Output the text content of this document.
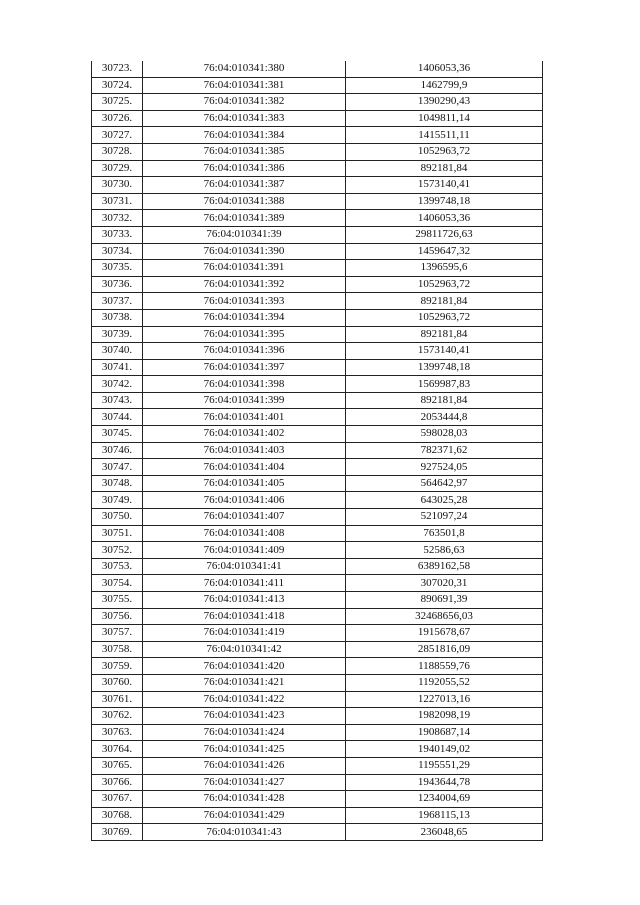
30723.	76:04:010341:380	1406053,36
30724.	76:04:010341:381	1462799,9
30725.	76:04:010341:382	1390290,43
30726.	76:04:010341:383	1049811,14
30727.	76:04:010341:384	1415511,11
30728.	76:04:010341:385	1052963,72
30729.	76:04:010341:386	892181,84
30730.	76:04:010341:387	1573140,41
30731.	76:04:010341:388	1399748,18
30732.	76:04:010341:389	1406053,36
30733.	76:04:010341:39	29811726,63
30734.	76:04:010341:390	1459647,32
30735.	76:04:010341:391	1396595,6
30736.	76:04:010341:392	1052963,72
30737.	76:04:010341:393	892181,84
30738.	76:04:010341:394	1052963,72
30739.	76:04:010341:395	892181,84
30740.	76:04:010341:396	1573140,41
30741.	76:04:010341:397	1399748,18
30742.	76:04:010341:398	1569987,83
30743.	76:04:010341:399	892181,84
30744.	76:04:010341:401	2053444,8
30745.	76:04:010341:402	598028,03
30746.	76:04:010341:403	782371,62
30747.	76:04:010341:404	927524,05
30748.	76:04:010341:405	564642,97
30749.	76:04:010341:406	643025,28
30750.	76:04:010341:407	521097,24
30751.	76:04:010341:408	763501,8
30752.	76:04:010341:409	52586,63
30753.	76:04:010341:41	6389162,58
30754.	76:04:010341:411	307020,31
30755.	76:04:010341:413	890691,39
30756.	76:04:010341:418	32468656,03
30757.	76:04:010341:419	1915678,67
30758.	76:04:010341:42	2851816,09
30759.	76:04:010341:420	1188559,76
30760.	76:04:010341:421	1192055,52
30761.	76:04:010341:422	1227013,16
30762.	76:04:010341:423	1982098,19
30763.	76:04:010341:424	1908687,14
30764.	76:04:010341:425	1940149,02
30765.	76:04:010341:426	1195551,29
30766.	76:04:010341:427	1943644,78
30767.	76:04:010341:428	1234004,69
30768.	76:04:010341:429	1968115,13
30769.	76:04:010341:43	236048,65
